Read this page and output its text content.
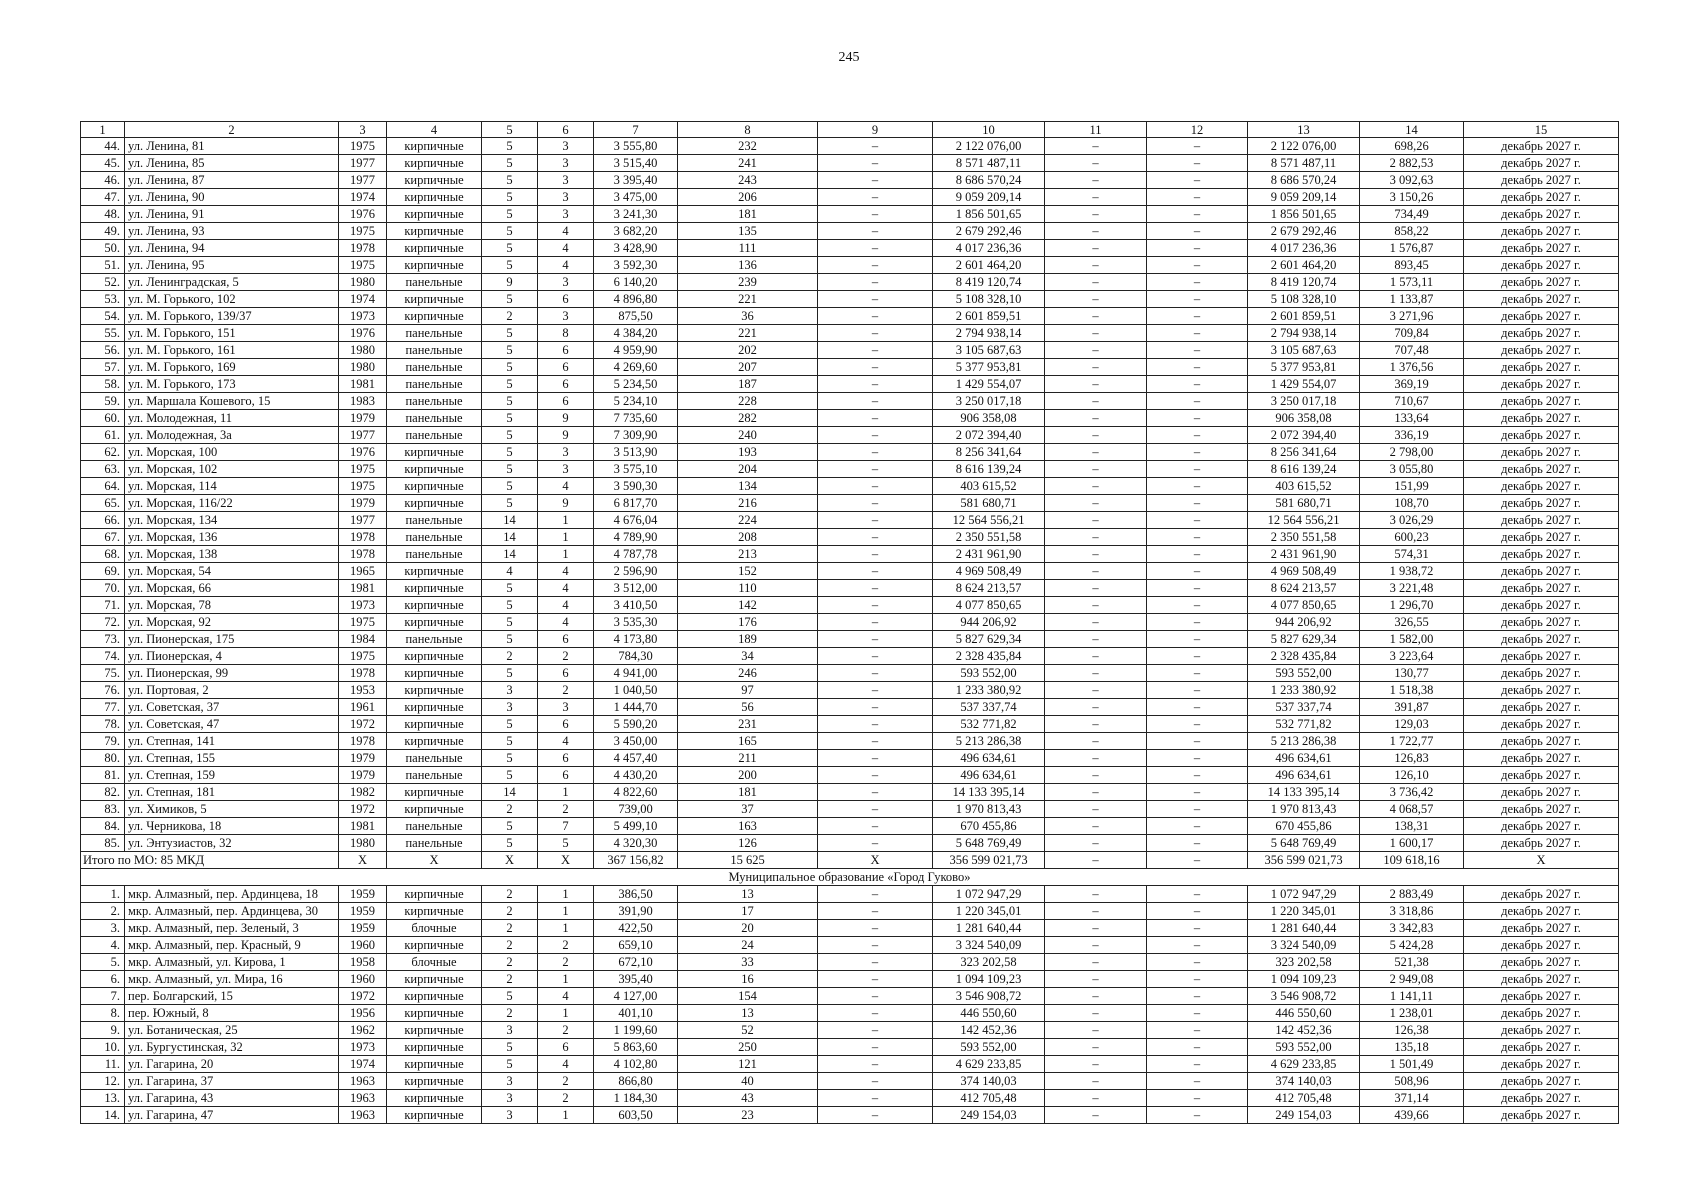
245
1	2	3	4	5	6	7	8	9	10	11	12	13	14	15
44.	ул. Ленина, 81	1975	кирпичные	5	3	3 555,80	232	–	2 122 076,00	–	–	2 122 076,00	698,26	декабрь 2027 г.
45.	ул. Ленина, 85	1977	кирпичные	5	3	3 515,40	241	–	8 571 487,11	–	–	8 571 487,11	2 882,53	декабрь 2027 г.
46.	ул. Ленина, 87	1977	кирпичные	5	3	3 395,40	243	–	8 686 570,24	–	–	8 686 570,24	3 092,63	декабрь 2027 г.
47.	ул. Ленина, 90	1974	кирпичные	5	3	3 475,00	206	–	9 059 209,14	–	–	9 059 209,14	3 150,26	декабрь 2027 г.
48.	ул. Ленина, 91	1976	кирпичные	5	3	3 241,30	181	–	1 856 501,65	–	–	1 856 501,65	734,49	декабрь 2027 г.
49.	ул. Ленина, 93	1975	кирпичные	5	4	3 682,20	135	–	2 679 292,46	–	–	2 679 292,46	858,22	декабрь 2027 г.
50.	ул. Ленина, 94	1978	кирпичные	5	4	3 428,90	111	–	4 017 236,36	–	–	4 017 236,36	1 576,87	декабрь 2027 г.
51.	ул. Ленина, 95	1975	кирпичные	5	4	3 592,30	136	–	2 601 464,20	–	–	2 601 464,20	893,45	декабрь 2027 г.
52.	ул. Ленинградская, 5	1980	панельные	9	3	6 140,20	239	–	8 419 120,74	–	–	8 419 120,74	1 573,11	декабрь 2027 г.
53.	ул. М. Горького, 102	1974	кирпичные	5	6	4 896,80	221	–	5 108 328,10	–	–	5 108 328,10	1 133,87	декабрь 2027 г.
54.	ул. М. Горького, 139/37	1973	кирпичные	2	3	875,50	36	–	2 601 859,51	–	–	2 601 859,51	3 271,96	декабрь 2027 г.
55.	ул. М. Горького, 151	1976	панельные	5	8	4 384,20	221	–	2 794 938,14	–	–	2 794 938,14	709,84	декабрь 2027 г.
56.	ул. М. Горького, 161	1980	панельные	5	6	4 959,90	202	–	3 105 687,63	–	–	3 105 687,63	707,48	декабрь 2027 г.
57.	ул. М. Горького, 169	1980	панельные	5	6	4 269,60	207	–	5 377 953,81	–	–	5 377 953,81	1 376,56	декабрь 2027 г.
58.	ул. М. Горького, 173	1981	панельные	5	6	5 234,50	187	–	1 429 554,07	–	–	1 429 554,07	369,19	декабрь 2027 г.
59.	ул. Маршала Кошевого, 15	1983	панельные	5	6	5 234,10	228	–	3 250 017,18	–	–	3 250 017,18	710,67	декабрь 2027 г.
60.	ул. Молодежная, 11	1979	панельные	5	9	7 735,60	282	–	906 358,08	–	–	906 358,08	133,64	декабрь 2027 г.
61.	ул. Молодежная, 3а	1977	панельные	5	9	7 309,90	240	–	2 072 394,40	–	–	2 072 394,40	336,19	декабрь 2027 г.
62.	ул. Морская, 100	1976	кирпичные	5	3	3 513,90	193	–	8 256 341,64	–	–	8 256 341,64	2 798,00	декабрь 2027 г.
63.	ул. Морская, 102	1975	кирпичные	5	3	3 575,10	204	–	8 616 139,24	–	–	8 616 139,24	3 055,80	декабрь 2027 г.
64.	ул. Морская, 114	1975	кирпичные	5	4	3 590,30	134	–	403 615,52	–	–	403 615,52	151,99	декабрь 2027 г.
65.	ул. Морская, 116/22	1979	кирпичные	5	9	6 817,70	216	–	581 680,71	–	–	581 680,71	108,70	декабрь 2027 г.
66.	ул. Морская, 134	1977	панельные	14	1	4 676,04	224	–	12 564 556,21	–	–	12 564 556,21	3 026,29	декабрь 2027 г.
67.	ул. Морская, 136	1978	панельные	14	1	4 789,90	208	–	2 350 551,58	–	–	2 350 551,58	600,23	декабрь 2027 г.
68.	ул. Морская, 138	1978	панельные	14	1	4 787,78	213	–	2 431 961,90	–	–	2 431 961,90	574,31	декабрь 2027 г.
69.	ул. Морская, 54	1965	кирпичные	4	4	2 596,90	152	–	4 969 508,49	–	–	4 969 508,49	1 938,72	декабрь 2027 г.
70.	ул. Морская, 66	1981	кирпичные	5	4	3 512,00	110	–	8 624 213,57	–	–	8 624 213,57	3 221,48	декабрь 2027 г.
71.	ул. Морская, 78	1973	кирпичные	5	4	3 410,50	142	–	4 077 850,65	–	–	4 077 850,65	1 296,70	декабрь 2027 г.
72.	ул. Морская, 92	1975	кирпичные	5	4	3 535,30	176	–	944 206,92	–	–	944 206,92	326,55	декабрь 2027 г.
73.	ул. Пионерская, 175	1984	панельные	5	6	4 173,80	189	–	5 827 629,34	–	–	5 827 629,34	1 582,00	декабрь 2027 г.
74.	ул. Пионерская, 4	1975	кирпичные	2	2	784,30	34	–	2 328 435,84	–	–	2 328 435,84	3 223,64	декабрь 2027 г.
75.	ул. Пионерская, 99	1978	кирпичные	5	6	4 941,00	246	–	593 552,00	–	–	593 552,00	130,77	декабрь 2027 г.
76.	ул. Портовая, 2	1953	кирпичные	3	2	1 040,50	97	–	1 233 380,92	–	–	1 233 380,92	1 518,38	декабрь 2027 г.
77.	ул. Советская, 37	1961	кирпичные	3	3	1 444,70	56	–	537 337,74	–	–	537 337,74	391,87	декабрь 2027 г.
78.	ул. Советская, 47	1972	кирпичные	5	6	5 590,20	231	–	532 771,82	–	–	532 771,82	129,03	декабрь 2027 г.
79.	ул. Степная, 141	1978	кирпичные	5	4	3 450,00	165	–	5 213 286,38	–	–	5 213 286,38	1 722,77	декабрь 2027 г.
80.	ул. Степная, 155	1979	панельные	5	6	4 457,40	211	–	496 634,61	–	–	496 634,61	126,83	декабрь 2027 г.
81.	ул. Степная, 159	1979	панельные	5	6	4 430,20	200	–	496 634,61	–	–	496 634,61	126,10	декабрь 2027 г.
82.	ул. Степная, 181	1982	кирпичные	14	1	4 822,60	181	–	14 133 395,14	–	–	14 133 395,14	3 736,42	декабрь 2027 г.
83.	ул. Химиков, 5	1972	кирпичные	2	2	739,00	37	–	1 970 813,43	–	–	1 970 813,43	4 068,57	декабрь 2027 г.
84.	ул. Черникова, 18	1981	панельные	5	7	5 499,10	163	–	670 455,86	–	–	670 455,86	138,31	декабрь 2027 г.
85.	ул. Энтузиастов, 32	1980	панельные	5	5	4 320,30	126	–	5 648 769,49	–	–	5 648 769,49	1 600,17	декабрь 2027 г.
Итого по МО: 85 МКД		X	X	X	X	367 156,82	15 625	X	356 599 021,73	–	–	356 599 021,73	109 618,16	X
Муниципальное образование «Город Гуково»														
1.	мкр. Алмазный, пер. Ардинцева, 18	1959	кирпичные	2	1	386,50	13	–	1 072 947,29	–	–	1 072 947,29	2 883,49	декабрь 2027 г.
2.	мкр. Алмазный, пер. Ардинцева, 30	1959	кирпичные	2	1	391,90	17	–	1 220 345,01	–	–	1 220 345,01	3 318,86	декабрь 2027 г.
3.	мкр. Алмазный, пер. Зеленый, 3	1959	блочные	2	1	422,50	20	–	1 281 640,44	–	–	1 281 640,44	3 342,83	декабрь 2027 г.
4.	мкр. Алмазный, пер. Красный, 9	1960	кирпичные	2	2	659,10	24	–	3 324 540,09	–	–	3 324 540,09	5 424,28	декабрь 2027 г.
5.	мкр. Алмазный, ул. Кирова, 1	1958	блочные	2	2	672,10	33	–	323 202,58	–	–	323 202,58	521,38	декабрь 2027 г.
6.	мкр. Алмазный, ул. Мира, 16	1960	кирпичные	2	1	395,40	16	–	1 094 109,23	–	–	1 094 109,23	2 949,08	декабрь 2027 г.
7.	пер. Болгарский, 15	1972	кирпичные	5	4	4 127,00	154	–	3 546 908,72	–	–	3 546 908,72	1 141,11	декабрь 2027 г.
8.	пер. Южный, 8	1956	кирпичные	2	1	401,10	13	–	446 550,60	–	–	446 550,60	1 238,01	декабрь 2027 г.
9.	ул. Ботаническая, 25	1962	кирпичные	3	2	1 199,60	52	–	142 452,36	–	–	142 452,36	126,38	декабрь 2027 г.
10.	ул. Бургустинская, 32	1973	кирпичные	5	6	5 863,60	250	–	593 552,00	–	–	593 552,00	135,18	декабрь 2027 г.
11.	ул. Гагарина, 20	1974	кирпичные	5	4	4 102,80	121	–	4 629 233,85	–	–	4 629 233,85	1 501,49	декабрь 2027 г.
12.	ул. Гагарина, 37	1963	кирпичные	3	2	866,80	40	–	374 140,03	–	–	374 140,03	508,96	декабрь 2027 г.
13.	ул. Гагарина, 43	1963	кирпичные	3	2	1 184,30	43	–	412 705,48	–	–	412 705,48	371,14	декабрь 2027 г.
14.	ул. Гагарина, 47	1963	кирпичные	3	1	603,50	23	–	249 154,03	–	–	249 154,03	439,66	декабрь 2027 г.
